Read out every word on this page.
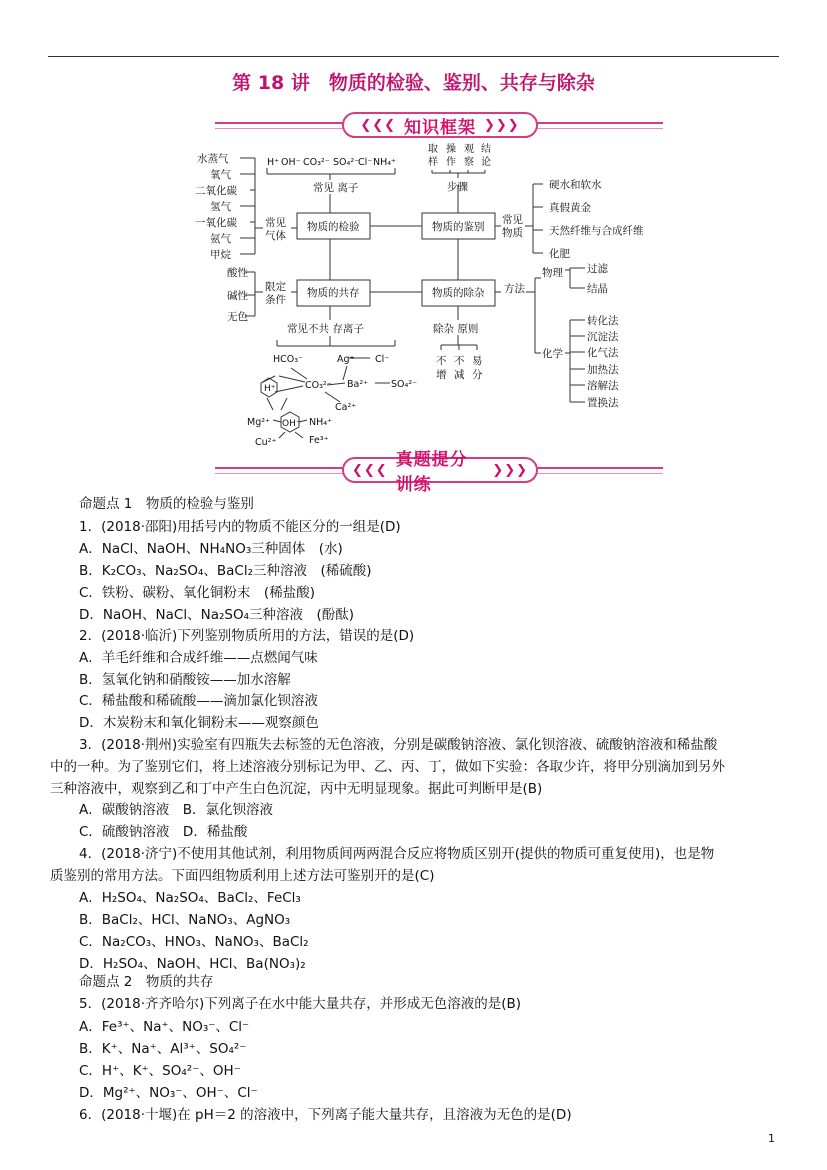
第 18 讲　物质的检验、鉴别、共存与除杂
❮❮❮ 知识框架 ❯❯❯
水蒸气
氧气
二氧化碳
氢气
一氧化碳
氨气
甲烷
H⁺ OH⁻ CO₃²⁻ SO₄²⁻
Cl⁻ NH₄⁺
常见 离子
常见
气体
物质的检验	物质的鉴别
取
样
操
作
观
察
结
论
步骤
常见
物质
硬水和软水
真假黄金
天然纤维与合成纤维
化肥
酸性
碱性
无色
限定
条件
物质的共存	物质的除杂 方法
物理 过滤
结晶
化学
转化法
沉淀法
化气法
加热法
溶解法
置换法
除杂 原则
不
增
不
减
易
分
常见不共 存离子
HCO₃⁻
H⁺	CO₃²⁻
Ag⁺ Cl⁻
Ba²⁺ SO₄²⁻
Ca²⁺
Mg²⁺ OH⁻ NH₄⁺
Cu²⁺	Fe³⁺
❮❮❮ 真题提分训练
❯❯❯
命题点 1　物质的检验与鉴别
1．(2018·邵阳)用括号内的物质不能区分的一组是(D)
A．NaCl、NaOH、NH₄NO₃三种固体　(水)
B．K₂CO₃、Na₂SO₄、BaCl₂三种溶液　(稀硫酸)
C．铁粉、碳粉、氧化铜粉末　(稀盐酸)
D．NaOH、NaCl、Na₂SO₄三种溶液　(酚酞)
2．(2018·临沂)下列鉴别物质所用的方法，错误的是(D)
A．羊毛纤维和合成纤维——点燃闻气味
B．氢氧化钠和硝酸铵——加水溶解
C．稀盐酸和稀硫酸——滴加氯化钡溶液
D．木炭粉末和氧化铜粉末——观察颜色
3．(2018·荆州)实验室有四瓶失去标签的无色溶液，分别是碳酸钠溶液、氯化钡溶液、硫酸钠溶液和稀盐酸
中的一种。为了鉴别它们，将上述溶液分别标记为甲、乙、丙、丁，做如下实验：各取少许，将甲分别滴加到另外
三种溶液中，观察到乙和丁中产生白色沉淀，丙中无明显现象。据此可判断甲是(B)
A．碳酸钠溶液　B．氯化钡溶液
C．硫酸钠溶液　D．稀盐酸
4．(2018·济宁)不使用其他试剂，利用物质间两两混合反应将物质区别开(提供的物质可重复使用)，也是物
质鉴别的常用方法。下面四组物质利用上述方法可鉴别开的是(C)
A．H₂SO₄、Na₂SO₄、BaCl₂、FeCl₃
B．BaCl₂、HCl、NaNO₃、AgNO₃
C．Na₂CO₃、HNO₃、NaNO₃、BaCl₂
D．H₂SO₄、NaOH、HCl、Ba(NO₃)₂
命题点 2　物质的共存
5．(2018·齐齐哈尔)下列离子在水中能大量共存，并形成无色溶液的是(B)
A．Fe³⁺、Na⁺、NO₃⁻、Cl⁻
B．K⁺、Na⁺、Al³⁺、SO₄²⁻
C．H⁺、K⁺、SO₄²⁻、OH⁻
D．Mg²⁺、NO₃⁻、OH⁻、Cl⁻
6．(2018·十堰)在 pH＝2 的溶液中，下列离子能大量共存，且溶液为无色的是(D)
1
